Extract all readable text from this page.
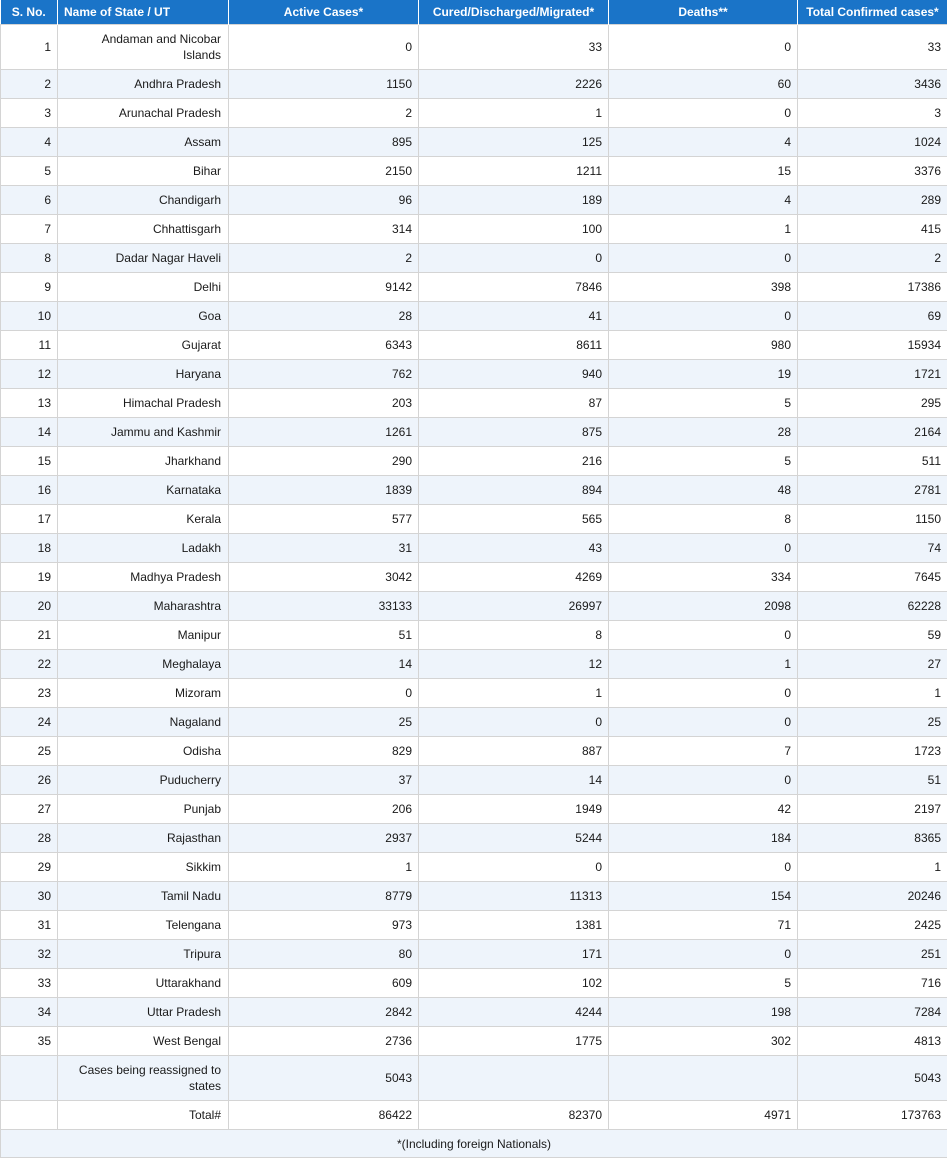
S. No.	Name of State / UT	Active Cases*	Cured/Discharged/Migrated*	Deaths**	Total Confirmed cases*
1	Andaman and Nicobar Islands	0	33	0	33
2	Andhra Pradesh	1150	2226	60	3436
3	Arunachal Pradesh	2	1	0	3
4	Assam	895	125	4	1024
5	Bihar	2150	1211	15	3376
6	Chandigarh	96	189	4	289
7	Chhattisgarh	314	100	1	415
8	Dadar Nagar Haveli	2	0	0	2
9	Delhi	9142	7846	398	17386
10	Goa	28	41	0	69
11	Gujarat	6343	8611	980	15934
12	Haryana	762	940	19	1721
13	Himachal Pradesh	203	87	5	295
14	Jammu and Kashmir	1261	875	28	2164
15	Jharkhand	290	216	5	511
16	Karnataka	1839	894	48	2781
17	Kerala	577	565	8	1150
18	Ladakh	31	43	0	74
19	Madhya Pradesh	3042	4269	334	7645
20	Maharashtra	33133	26997	2098	62228
21	Manipur	51	8	0	59
22	Meghalaya	14	12	1	27
23	Mizoram	0	1	0	1
24	Nagaland	25	0	0	25
25	Odisha	829	887	7	1723
26	Puducherry	37	14	0	51
27	Punjab	206	1949	42	2197
28	Rajasthan	2937	5244	184	8365
29	Sikkim	1	0	0	1
30	Tamil Nadu	8779	11313	154	20246
31	Telengana	973	1381	71	2425
32	Tripura	80	171	0	251
33	Uttarakhand	609	102	5	716
34	Uttar Pradesh	2842	4244	198	7284
35	West Bengal	2736	1775	302	4813
	Cases being reassigned to states	5043			5043
	Total#	86422	82370	4971	173763
*(Including foreign Nationals)					
